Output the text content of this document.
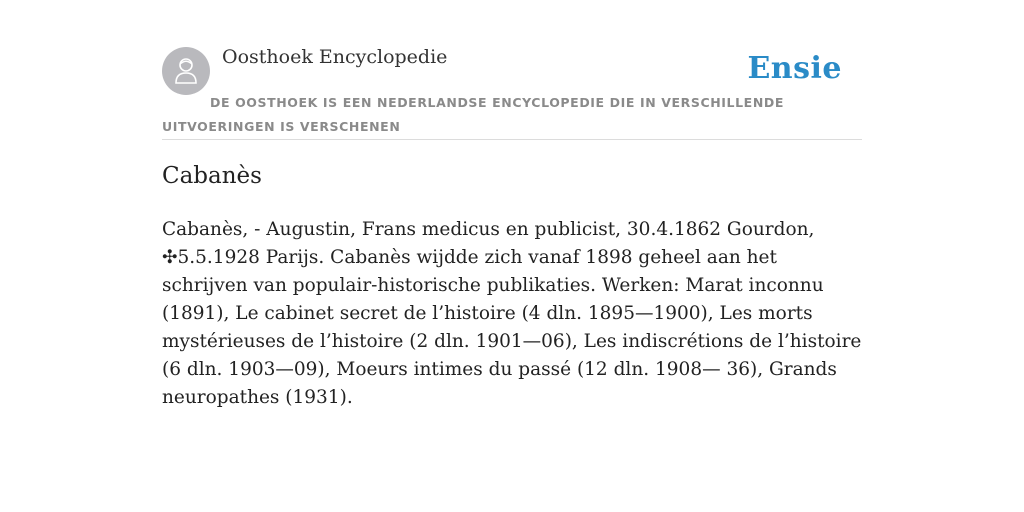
Oosthoek Encyclopedie	Ensie
DE OOSTHOEK IS EEN NEDERLANDSE ENCYCLOPEDIE DIE IN VERSCHILLENDE UITVOERINGEN IS VERSCHENEN
Cabanès
Cabanès, - Augustin, Frans medicus en publicist, 30.4.1862 Gourdon, ✣5.5.1928 Parijs. Cabanès wijdde zich vanaf 1898 geheel aan het schrijven van populair-historische publikaties. Werken: Marat inconnu (1891), Le cabinet secret de l’histoire (4 dln. 1895—1900), Les morts mystérieuses de l’histoire (2 dln. 1901—06), Les indiscrétions de l’histoire (6 dln. 1903—09), Moeurs intimes du passé (12 dln. 1908— 36), Grands neuropathes (1931).
